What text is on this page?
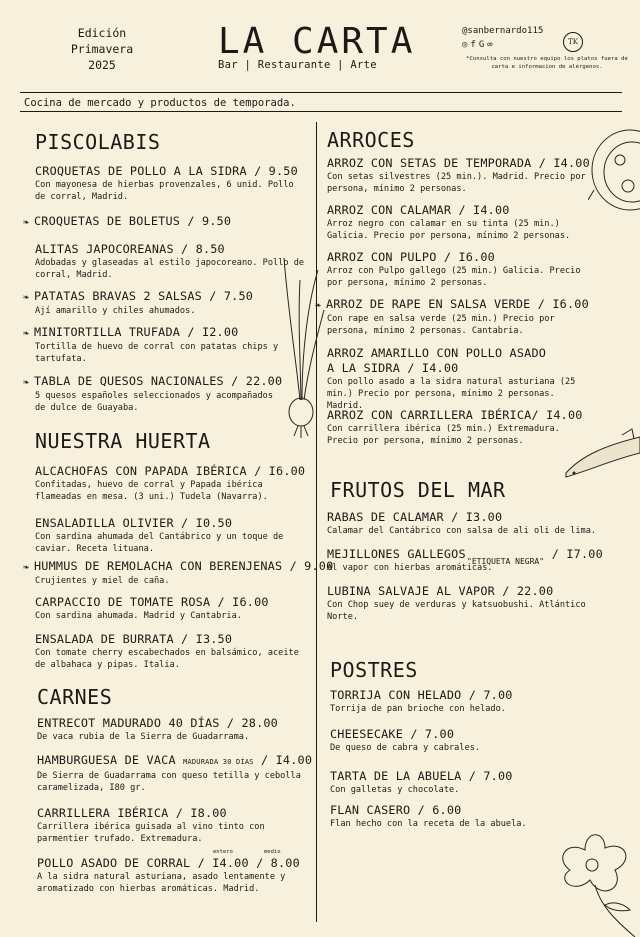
Edición
Primavera
2025
LA CARTA
Bar | Restaurante | Arte
@sanbernardo115
◎ f G ∞	TK
*Consulta con nuestro equipo los platos fuera de carta e informacion de alérgenos.
Cocina de mercado y productos de temporada.
PISCOLABIS
CROQUETAS DE POLLO A LA SIDRA / 9.50
Con mayonesa de hierbas provenzales, 6 unid. Pollo de corral, Madrid.
❧ CROQUETAS DE BOLETUS / 9.50
ALITAS JAPOCOREANAS / 8.50
Adobadas y glaseadas al estilo japocoreano. Pollo de corral, Madrid.
❧ PATATAS BRAVAS 2 SALSAS / 7.50
Ají amarillo y chiles ahumados.
❧ MINITORTILLA TRUFADA / I2.00
Tortilla de huevo de corral con patatas chips y tartufata.
❧ TABLA DE QUESOS NACIONALES / 22.00
5 quesos españoles seleccionados y acompañados de dulce de Guayaba.
NUESTRA HUERTA
ALCACHOFAS CON PAPADA IBÉRICA / I6.00
Confitadas, huevo de corral y Papada ibérica flameadas en mesa. (3 uni.) Tudela (Navarra).
ENSALADILLA OLIVIER / I0.50
Con sardina ahumada del Cantábrico y un toque de caviar. Receta lituana.
❧ HUMMUS DE REMOLACHA CON BERENJENAS / 9.00
Crujientes y miel de caña.
CARPACCIO DE TOMATE ROSA / I6.00
Con sardina ahumada. Madrid y Cantabria.
ENSALADA DE BURRATA / I3.50
Con tomate cherry escabechados en balsámico, aceite de albahaca y pipas. Italia.
CARNES
ENTRECOT MADURADO 40 DÍAS / 28.00
De vaca rubia de la Sierra de Guadarrama.
HAMBURGUESA DE VACA MADURADA 30 DÍAS / I4.00
De Sierra de Guadarrama con queso tetilla y cebolla caramelizada, I80 gr.
CARRILLERA IBÉRICA / I8.00
Carrillera ibérica guisada al vino tinto con parmentier trufado. Extremadura.
entero	medio
POLLO ASADO DE CORRAL / I4.00 / 8.00
A la sidra natural asturiana, asado lentamente y aromatizado con hierbas aromáticas. Madrid.
ARROCES
ARROZ CON SETAS DE TEMPORADA / I4.00
Con setas silvestres (25 min.). Madrid. Precio por persona, mínimo 2 personas.
ARROZ CON CALAMAR / I4.00
Arroz negro con calamar en su tinta (25 min.) Galicia. Precio por persona, mínimo 2 personas.
ARROZ CON PULPO / I6.00
Arroz con Pulpo gallego (25 min.) Galicia. Precio por persona, mínimo 2 personas.
❧ ARROZ DE RAPE EN SALSA VERDE / I6.00
Con rape en salsa verde (25 min.) Precio por persona, mínimo 2 personas. Cantabria.
ARROZ AMARILLO CON POLLO ASADO A LA SIDRA / I4.00
Con pollo asado a la sidra natural asturiana (25 min.) Precio por persona, mínimo 2 personas. Madrid.
ARROZ CON CARRILLERA IBÉRICA/ I4.00
Con carrillera ibérica (25 min.) Extremadura. Precio por persona, mínimo 2 personas.
FRUTOS DEL MAR
RABAS DE CALAMAR / I3.00
Calamar del Cantábrico con salsa de ali oli de lima.
MEJILLONES GALLEGOS	/ I7.00
Al vapor con hierbas aromáticas.
"ETIQUETA NEGRA"
LUBINA SALVAJE AL VAPOR / 22.00
Con Chop suey de verduras y katsuobushi. Atlántico Norte.
POSTRES
TORRIJA CON HELADO / 7.00
Torrija de pan brioche con helado.
CHEESECAKE / 7.00
De queso de cabra y cabrales.
TARTA DE LA ABUELA / 7.00
Con galletas y chocolate.
FLAN CASERO / 6.00
Flan hecho con la receta de la abuela.
